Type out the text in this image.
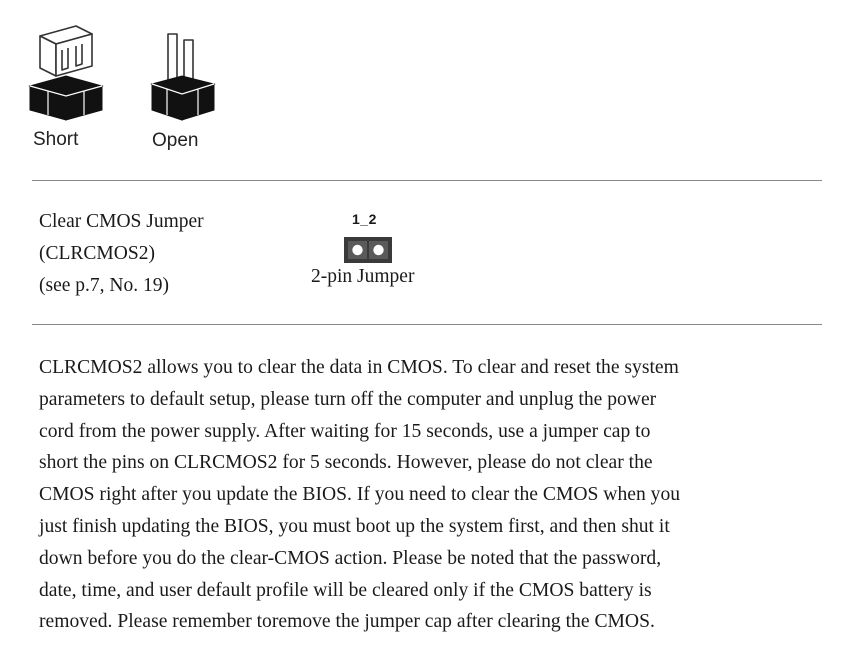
Short	Open
Clear CMOS Jumper
(CLRCMOS2)
(see p.7, No. 19)
1_2
2-pin Jumper
CLRCMOS2 allows you to clear the data in CMOS. To clear and reset the system
parameters to default setup, please turn off the computer and unplug the power
cord from the power supply. After waiting for 15 seconds, use a jumper cap to
short the pins on CLRCMOS2 for 5 seconds. However, please do not clear the
CMOS right after you update the BIOS. If you need to clear the CMOS when you
just finish updating the BIOS, you must boot up the system first, and then shut it
down before you do the clear-CMOS action. Please be noted that the password,
date, time, and user default profile will be cleared only if the CMOS battery is
removed. Please remember toremove the jumper cap after clearing the CMOS.
